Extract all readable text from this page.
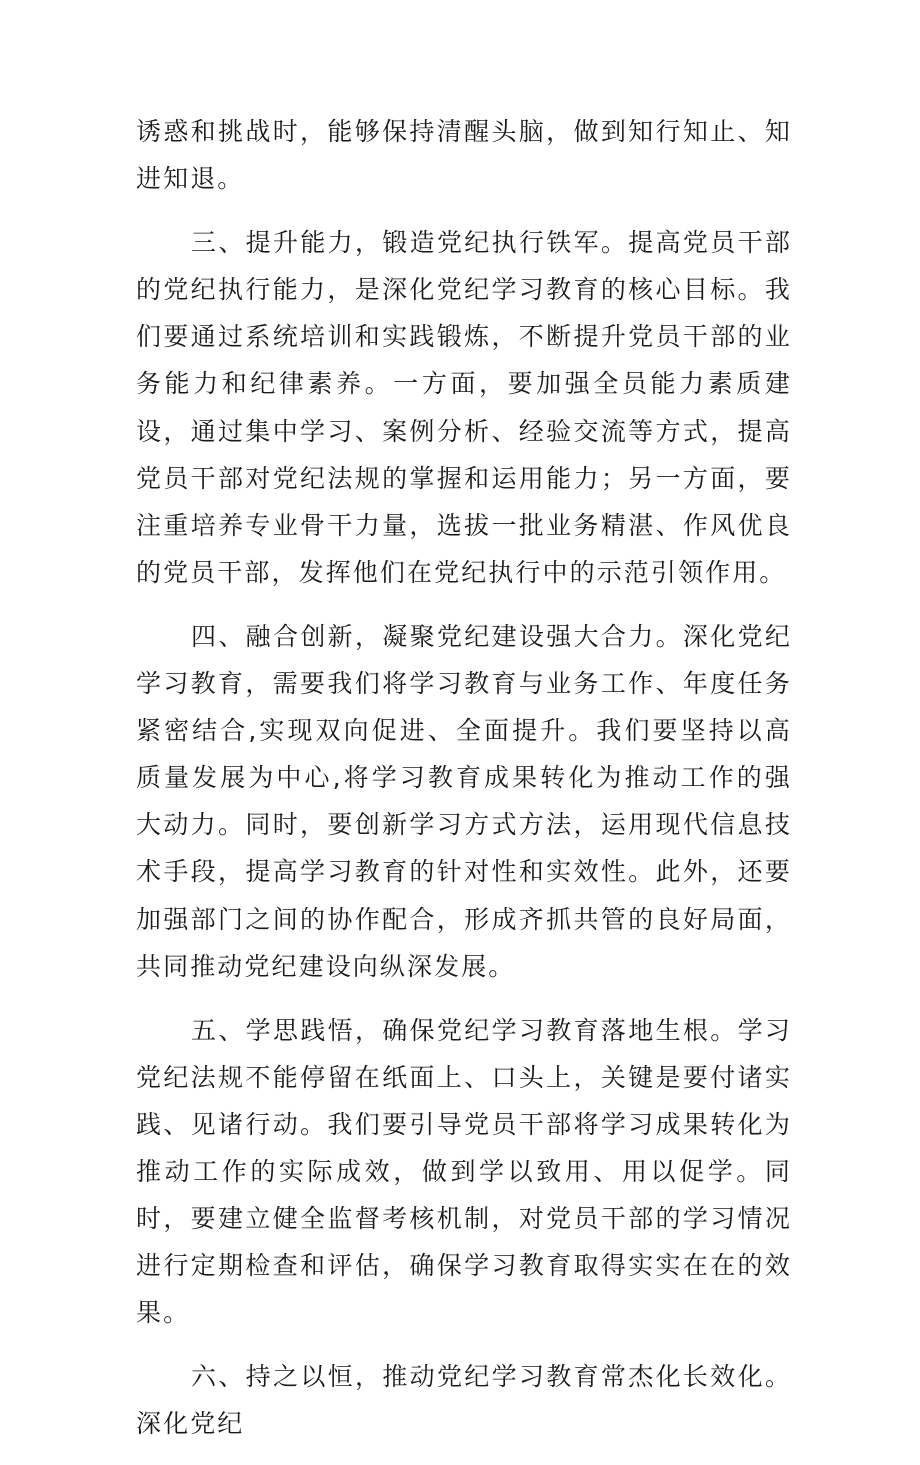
诱惑和挑战时，能够保持清醒头脑，做到知行知止、知进知退。

三、提升能力，锻造党纪执行铁军。提高党员干部的党纪执行能力，是深化党纪学习教育的核心目标。我们要通过系统培训和实践锻炼，不断提升党员干部的业务能力和纪律素养。一方面，要加强全员能力素质建设，通过集中学习、案例分析、经验交流等方式，提高党员干部对党纪法规的掌握和运用能力；另一方面，要注重培养专业骨干力量，选拔一批业务精湛、作风优良的党员干部，发挥他们在党纪执行中的示范引领作用。

四、融合创新，凝聚党纪建设强大合力。深化党纪学习教育，需要我们将学习教育与业务工作、年度任务紧密结合,实现双向促进、全面提升。我们要坚持以高质量发展为中心,将学习教育成果转化为推动工作的强大动力。同时，要创新学习方式方法，运用现代信息技术手段，提高学习教育的针对性和实效性。此外，还要加强部门之间的协作配合，形成齐抓共管的良好局面，共同推动党纪建设向纵深发展。

五、学思践悟，确保党纪学习教育落地生根。学习党纪法规不能停留在纸面上、口头上，关键是要付诸实践、见诸行动。我们要引导党员干部将学习成果转化为推动工作的实际成效，做到学以致用、用以促学。同时，要建立健全监督考核机制，对党员干部的学习情况进行定期检查和评估，确保学习教育取得实实在在的效果。

六、持之以恒，推动党纪学习教育常杰化长效化。深化党纪
